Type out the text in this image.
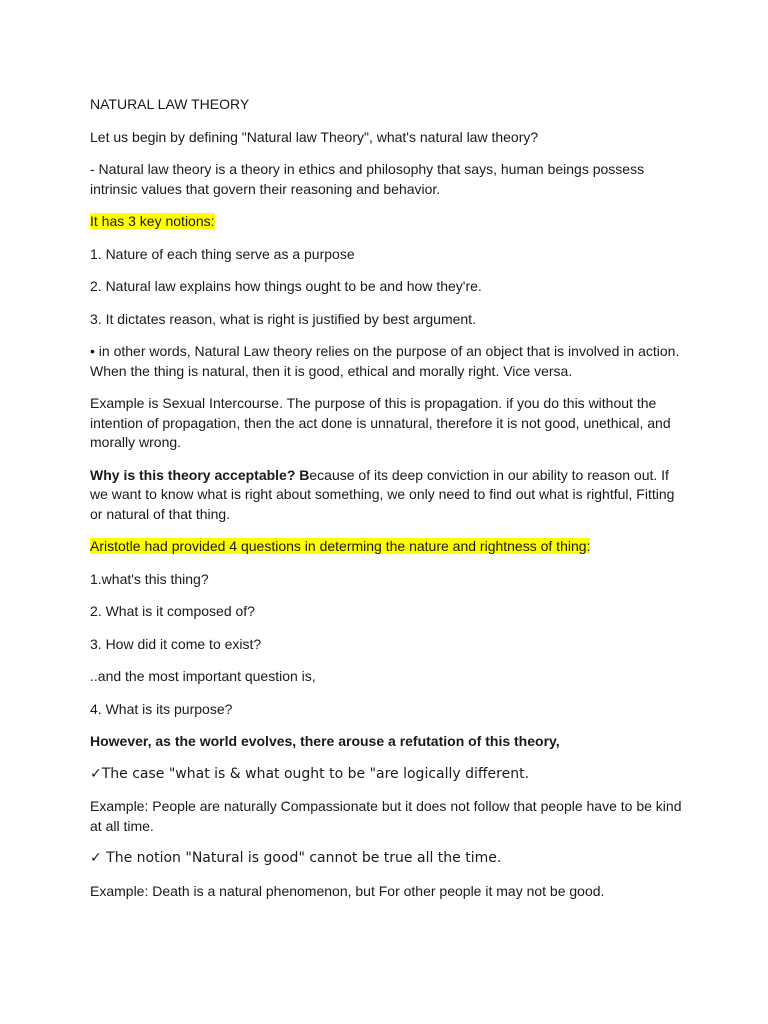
NATURAL LAW THEORY

Let us begin by defining "Natural law Theory", what's natural law theory?

- Natural law theory is a theory in ethics and philosophy that says, human beings possess intrinsic values that govern their reasoning and behavior.

It has 3 key notions:

1. Nature of each thing serve as a purpose

2. Natural law explains how things ought to be and how they're.

3. It dictates reason, what is right is justified by best argument.

• in other words, Natural Law theory relies on the purpose of an object that is involved in action. When the thing is natural, then it is good, ethical and morally right. Vice versa.

Example is Sexual Intercourse. The purpose of this is propagation. if you do this without the intention of propagation, then the act done is unnatural, therefore it is not good, unethical, and morally wrong.

Why is this theory acceptable? Because of its deep conviction in our ability to reason out. If we want to know what is right about something, we only need to find out what is rightful, Fitting or natural of that thing.

Aristotle had provided 4 questions in determing the nature and rightness of thing:

1.what's this thing?

2. What is it composed of?

3. How did it come to exist?

..and the most important question is,

4. What is its purpose?

However, as the world evolves, there arouse a refutation of this theory,

✓The case "what is & what ought to be "are logically different.

Example: People are naturally Compassionate but it does not follow that people have to be kind at all time.

✓ The notion "Natural is good" cannot be true all the time.

Example: Death is a natural phenomenon, but For other people it may not be good.
